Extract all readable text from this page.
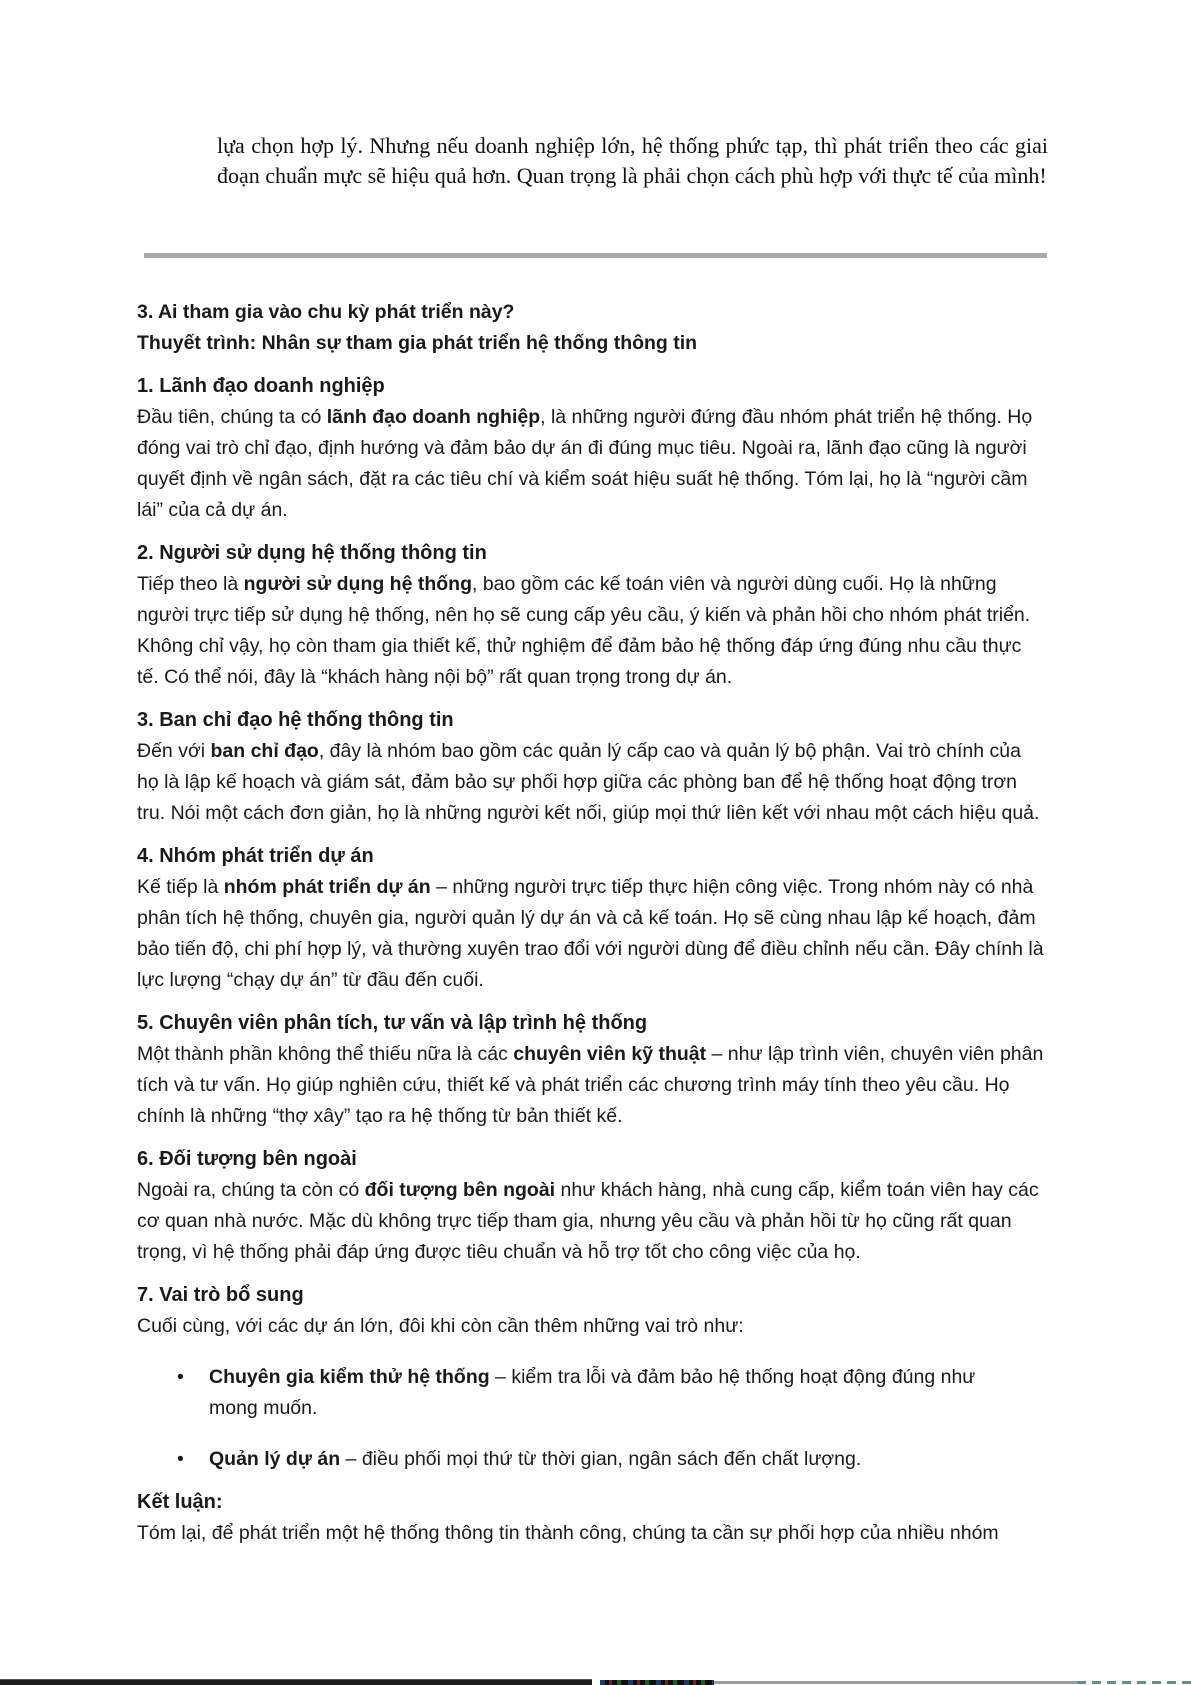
lựa chọn hợp lý. Nhưng nếu doanh nghiệp lớn, hệ thống phức tạp, thì phát triển theo các giai đoạn chuẩn mực sẽ hiệu quả hơn. Quan trọng là phải chọn cách phù hợp với thực tế của mình!

3. Ai tham gia vào chu kỳ phát triển này?
Thuyết trình: Nhân sự tham gia phát triển hệ thống thông tin
1. Lãnh đạo doanh nghiệp

Đầu tiên, chúng ta có lãnh đạo doanh nghiệp, là những người đứng đầu nhóm phát triển hệ thống. Họ đóng vai trò chỉ đạo, định hướng và đảm bảo dự án đi đúng mục tiêu. Ngoài ra, lãnh đạo cũng là người quyết định về ngân sách, đặt ra các tiêu chí và kiểm soát hiệu suất hệ thống. Tóm lại, họ là “người cầm lái” của cả dự án.

2. Người sử dụng hệ thống thông tin

Tiếp theo là người sử dụng hệ thống, bao gồm các kế toán viên và người dùng cuối. Họ là những người trực tiếp sử dụng hệ thống, nên họ sẽ cung cấp yêu cầu, ý kiến và phản hồi cho nhóm phát triển. Không chỉ vậy, họ còn tham gia thiết kế, thử nghiệm để đảm bảo hệ thống đáp ứng đúng nhu cầu thực tế. Có thể nói, đây là “khách hàng nội bộ” rất quan trọng trong dự án.

3. Ban chỉ đạo hệ thống thông tin

Đến với ban chỉ đạo, đây là nhóm bao gồm các quản lý cấp cao và quản lý bộ phận. Vai trò chính của họ là lập kế hoạch và giám sát, đảm bảo sự phối hợp giữa các phòng ban để hệ thống hoạt động trơn tru. Nói một cách đơn giản, họ là những người kết nối, giúp mọi thứ liên kết với nhau một cách hiệu quả.

4. Nhóm phát triển dự án

Kế tiếp là nhóm phát triển dự án – những người trực tiếp thực hiện công việc. Trong nhóm này có nhà phân tích hệ thống, chuyên gia, người quản lý dự án và cả kế toán. Họ sẽ cùng nhau lập kế hoạch, đảm bảo tiến độ, chi phí hợp lý, và thường xuyên trao đổi với người dùng để điều chỉnh nếu cần. Đây chính là lực lượng “chạy dự án” từ đầu đến cuối.

5. Chuyên viên phân tích, tư vấn và lập trình hệ thống

Một thành phần không thể thiếu nữa là các chuyên viên kỹ thuật – như lập trình viên, chuyên viên phân tích và tư vấn. Họ giúp nghiên cứu, thiết kế và phát triển các chương trình máy tính theo yêu cầu. Họ chính là những “thợ xây” tạo ra hệ thống từ bản thiết kế.

6. Đối tượng bên ngoài

Ngoài ra, chúng ta còn có đối tượng bên ngoài như khách hàng, nhà cung cấp, kiểm toán viên hay các cơ quan nhà nước. Mặc dù không trực tiếp tham gia, nhưng yêu cầu và phản hồi từ họ cũng rất quan trọng, vì hệ thống phải đáp ứng được tiêu chuẩn và hỗ trợ tốt cho công việc của họ.

7. Vai trò bổ sung

Cuối cùng, với các dự án lớn, đôi khi còn cần thêm những vai trò như:

•	Chuyên gia kiểm thử hệ thống – kiểm tra lỗi và đảm bảo hệ thống hoạt động đúng như mong muốn.
•	Quản lý dự án – điều phối mọi thứ từ thời gian, ngân sách đến chất lượng.
Kết luận:

Tóm lại, để phát triển một hệ thống thông tin thành công, chúng ta cần sự phối hợp của nhiều nhóm
